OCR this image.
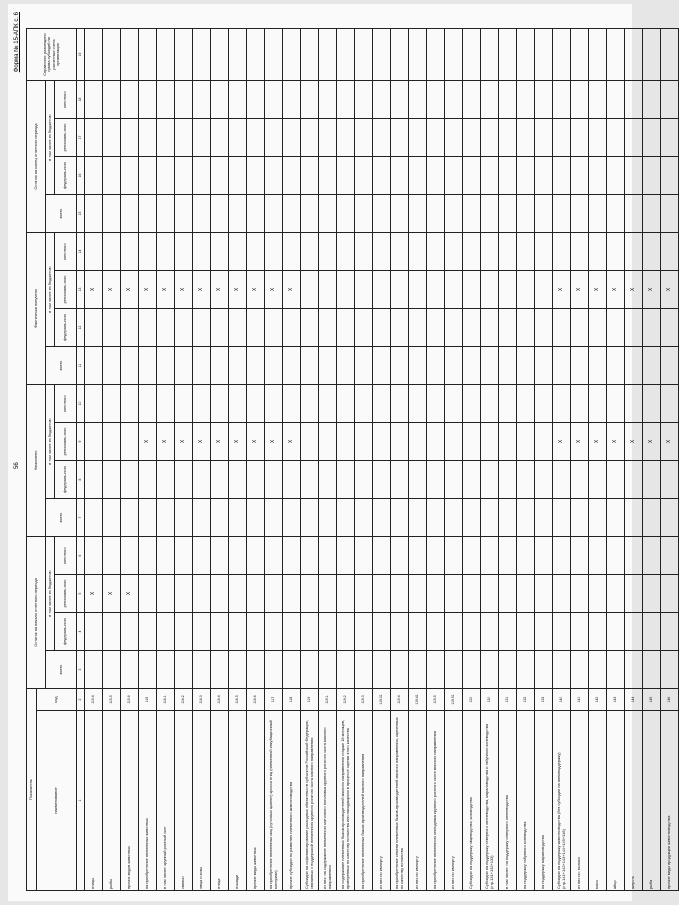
56
Форма № 15-АПК с. 6
Показатель		Остаток на начало отчетного периода				Начислено				Фактически получено				Остаток на конец отчетного периода				Справочно: размещено сумма субсидий на расчетные счета организации
наименование	код																	
		всего	в том числе из бюджетов:			всего	в том числе из бюджетов:			всего	в том числе из бюджетов:			всего	в том числе из бюджетов:			
			федераль-ного	региональ-ного	местного		федераль-ного	региональ-ного	местного		федераль-ного	региональ-ного	местного		федераль-ного	региональ-ного	местного	
1	2	3	4	5	6	7	8	9	10	11	12	13	14	15	16	17	18	19
птицы	115.4			X								X						
рыбы	115.5			X								X						
прочих видов животных	115.6			X								X						
на приобретение племенных животных	116							X				X						
в том числе: крупный рогатый скот	116.1							X				X						
свиньи	116.2							X				X						
овцы и козы	116.3							X				X						
птица	116.4							X				X						
лошади	116.5							X				X						
прочие виды животных	116.6							X				X						
на приобретение племенных яиц (суточных цыплят) кросса птиц (племенной инкубационный материал)	117							X				X						
прочие субсидии по развитию племенного животноводства	118							X				X						
Субсидии на софинансирование расходных обязательств субъектов Российской Федерации, связанных с поддержкой племенного крупного рогатого скота мясного направления	119																	
из них: на содержание племенного маточного поголовья крупного рогатого скота мясного направления	119.1																	
на содержание племенных быков-производителей мясного направления старше 18 месяцев, проверенных по качеству потомства или находящихся в процессе оценки этого качества	119.2																	
на приобретение племенных быков-производителей мясного направления	119.3																	
из них по импорту	119.31																	
на приобретение семени племенных быков-производителей мясного направления, оцененных по качеству потомства	119.4																	
из них по импорту	119.41																	
на приобретение племенного молодняка крупного рогатого скота мясного направления	119.5																	
из них по импорту	119.51																	
Субсидии на поддержку овцеводства, козоводства	120																	
Субсидии на поддержку северного оленеводства, мараловодства и табунного коневодства (стр.131+132+133)	130																	
в том числе: на поддержку северного оленеводства	131																	
на поддержку табунного коневодства	132																	
на поддержку мараловодства	133																	
Субсидии на поддержку животноводства (без субсидии на племподдержку) (стр.141+142+143+144+145+146)	140							X				X						
из них по: молоко	141							X				X						
мясо	142							X				X						
яйцо	143							X				X						
шерсть	144							X				X						
рыба	145							X				X						
прочие виды продукции животноводства	146							X				X						
